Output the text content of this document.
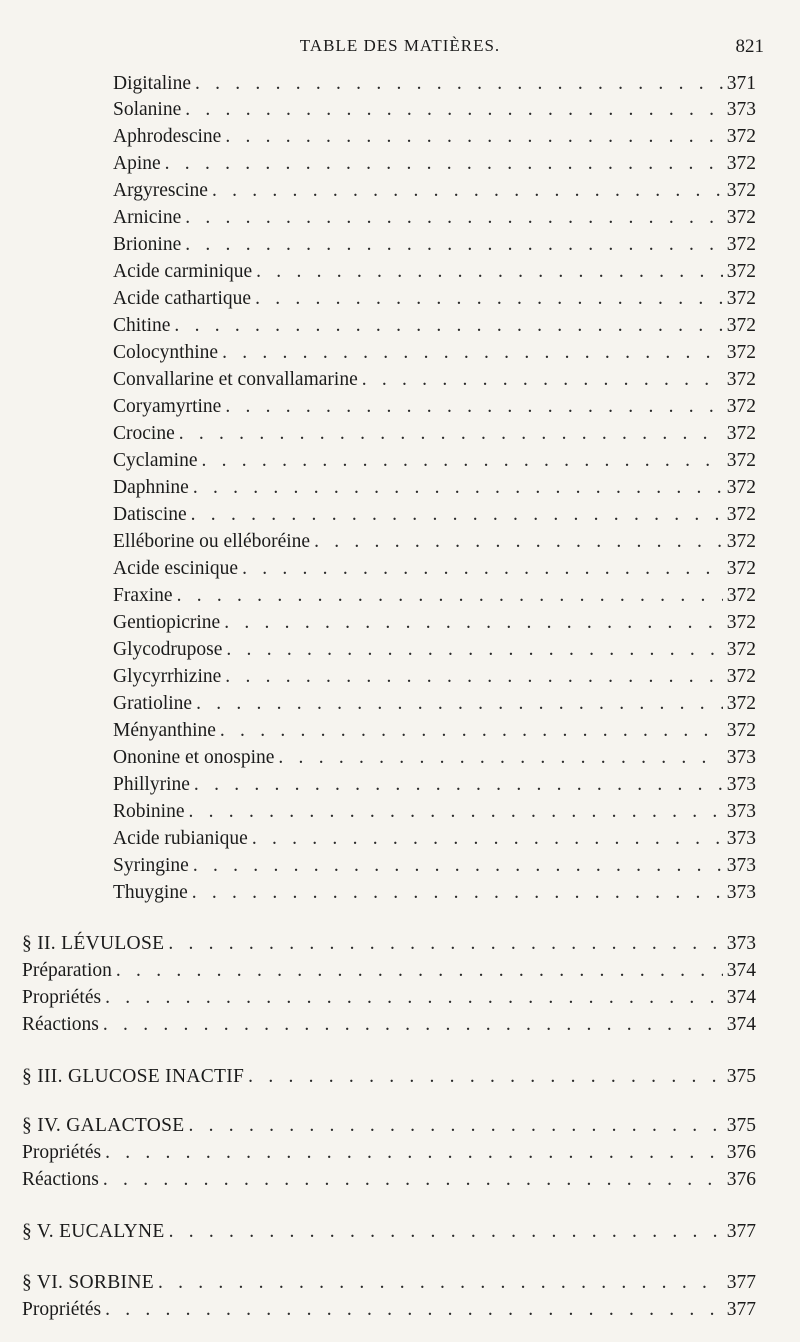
TABLE DES MATIÈRES.	821
Digitaline . . .	371
Solanine . . .	373
Aphrodescine . . .	372
Apine . . .	372
Argyrescine . . .	372
Arnicine . . .	372
Brionine . . .	372
Acide carminique . . .	372
Acide cathartique . . .	372
Chitine . . .	372
Colocynthine . . .	372
Convallarine et convallamarine . . .	372
Coryamyrtine . . .	372
Crocine . . .	372
Cyclamine . . .	372
Daphnine . . .	372
Datiscine . . .	372
Elléborine ou elléboréine . . .	372
Acide escinique . . .	372
Fraxine . . .	372
Gentiopicrine . . .	372
Glycodrupose . . .	372
Glycyrrhizine . . .	372
Gratioline . . .	372
Ményanthine . . .	372
Ononine et onospine . . .	373
Phillyrine . . .	373
Robinine . . .	373
Acide rubianique . . .	373
Syringine . . .	373
Thuygine . . .	373
§ II. LÉVULOSE . . .	373
Préparation . . .	374
Propriétés . . .	374
Réactions . . .	374
§ III. GLUCOSE INACTIF . . .	375
§ IV. GALACTOSE . . .	375
Propriétés . . .	376
Réactions . . .	376
§ V. EUCALYNE . . .	377
§ VI. SORBINE . . .	377
Propriétés . . .	377
